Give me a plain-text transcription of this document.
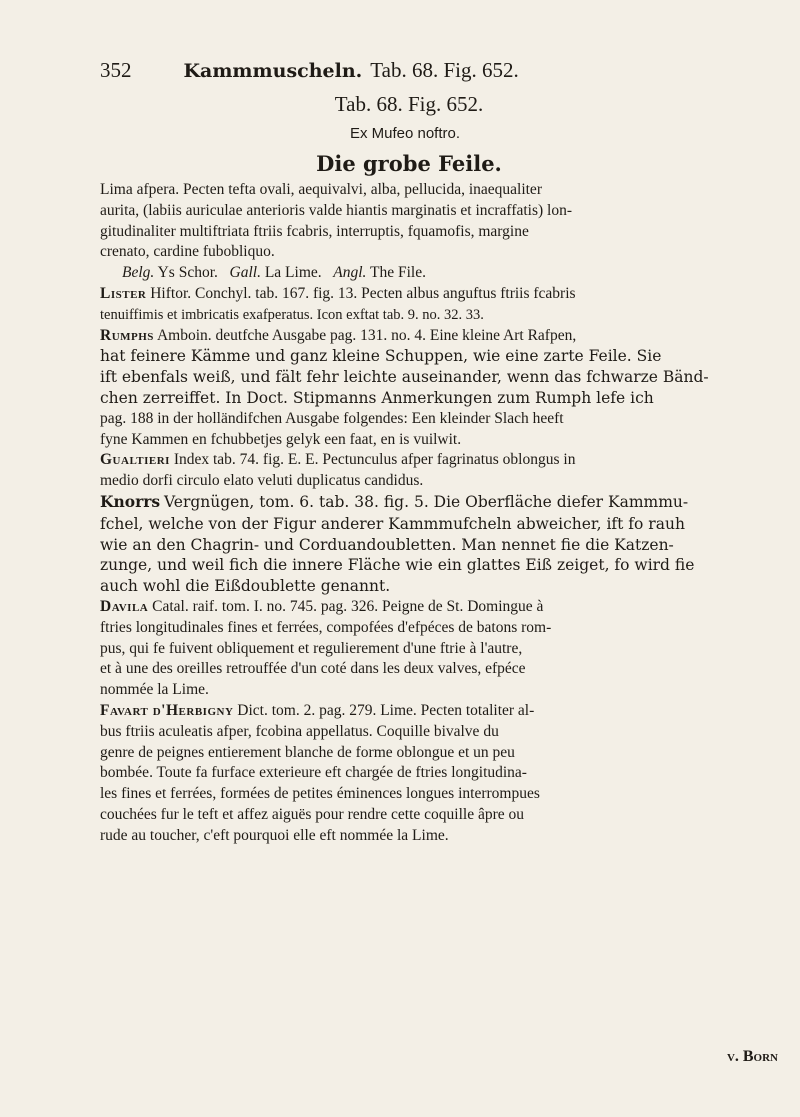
352	Kammmuscheln. Tab. 68. Fig. 652.
Tab. 68. Fig. 652.
Ex Mufeo noftro.
Die grobe Feile.

Lima afpera. Pecten tefta ovali, aequivalvi, alba, pellucida, inaequaliter
aurita, (labiis auriculae anterioris valde hiantis marginatis et incraffatis) lon-
gitudinaliter multiftriata ftriis fcabris, interruptis, fquamofis, margine
crenato, cardine fubobliquo.

Belg. Ys Schor. Gall. La Lime. Angl. The File.

Lister Hiftor. Conchyl. tab. 167. fig. 13. Pecten albus anguftus ftriis fcabris
tenuiffimis et imbricatis exafperatus. Icon exftat tab. 9. no. 32. 33.

Rumphs Amboin. deutfche Ausgabe pag. 131. no. 4. Eine kleine Art Rafpen,
hat feinere Kämme und ganz kleine Schuppen, wie eine zarte Feile. Sie
ift ebenfals weiß, und fält fehr leichte auseinander, wenn das fchwarze Bänd-
chen zerreiffet. In Doct. Stipmanns Anmerkungen zum Rumph lefe ich
pag. 188 in der holländifchen Ausgabe folgendes: Een kleinder Slach heeft
fyne Kammen en fchubbetjes gelyk een faat, en is vuilwit.

Gualtieri Index tab. 74. fig. E. E. Pectunculus afper fagrinatus oblongus in
medio dorfi circulo elato veluti duplicatus candidus.

Knorrs Vergnügen, tom. 6. tab. 38. fig. 5. Die Oberfläche diefer Kammmu-
fchel, welche von der Figur anderer Kammmufcheln abweicher, ift fo rauh
wie an den Chagrin- und Corduandoubletten. Man nennet fie die Katzen-
zunge, und weil fich die innere Fläche wie ein glattes Eiß zeiget, fo wird fie
auch wohl die Eißdoublette genannt.

Davila Catal. raif. tom. I. no. 745. pag. 326. Peigne de St. Domingue à
ftries longitudinales fines et ferrées, compofées d'efpéces de batons rom-
pus, qui fe fuivent obliquement et regulierement d'une ftrie à l'autre,
et à une des oreilles retrouffée d'un coté dans les deux valves, efpéce
nommée la Lime.

Favart d'Herbigny Dict. tom. 2. pag. 279. Lime. Pecten totaliter al-
bus ftriis aculeatis afper, fcobina appellatus. Coquille bivalve du
genre de peignes entierement blanche de forme oblongue et un peu
bombée. Toute fa furface exterieure eft chargée de ftries longitudina-
les fines et ferrées, formées de petites éminences longues interrompues
couchées fur le teft et affez aiguës pour rendre cette coquille âpre ou
rude au toucher, c'eft pourquoi elle eft nommée la Lime.

v. Born
